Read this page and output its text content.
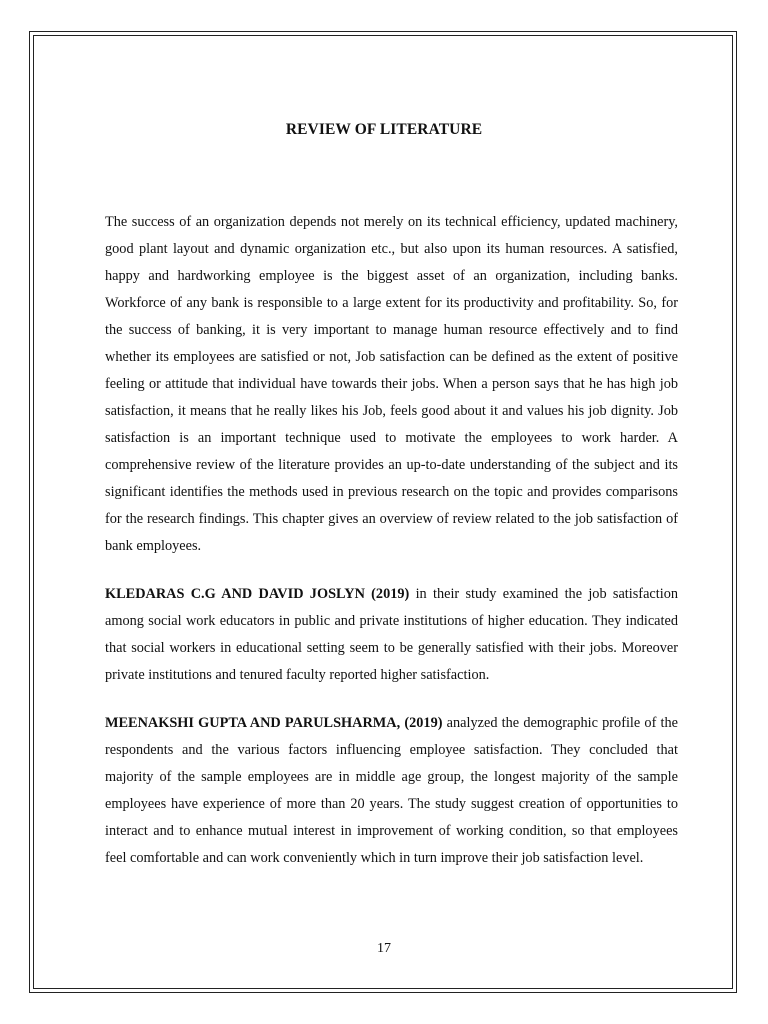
REVIEW OF LITERATURE

The success of an organization depends not merely on its technical efficiency, updated machinery, good plant layout and dynamic organization etc., but also upon its human resources. A satisfied, happy and hardworking employee is the biggest asset of an organization, including banks. Workforce of any bank is responsible to a large extent for its productivity and profitability. So, for the success of banking, it is very important to manage human resource effectively and to find whether its employees are satisfied or not, Job satisfaction can be defined as the extent of positive feeling or attitude that individual have towards their jobs. When a person says that he has high job satisfaction, it means that he really likes his Job, feels good about it and values his job dignity. Job satisfaction is an important technique used to motivate the employees to work harder. A comprehensive review of the literature provides an up-to-date understanding of the subject and its significant identifies the methods used in previous research on the topic and provides comparisons for the research findings. This chapter gives an overview of review related to the job satisfaction of bank employees.

KLEDARAS C.G AND DAVID JOSLYN (2019) in their study examined the job satisfaction among social work educators in public and private institutions of higher education. They indicated that social workers in educational setting seem to be generally satisfied with their jobs. Moreover private institutions and tenured faculty reported higher satisfaction.

MEENAKSHI GUPTA AND PARULSHARMA, (2019) analyzed the demographic profile of the respondents and the various factors influencing employee satisfaction. They concluded that majority of the sample employees are in middle age group, the longest majority of the sample employees have experience of more than 20 years. The study suggest creation of opportunities to interact and to enhance mutual interest in improvement of working condition, so that employees feel comfortable and can work conveniently which in turn improve their job satisfaction level.

17
